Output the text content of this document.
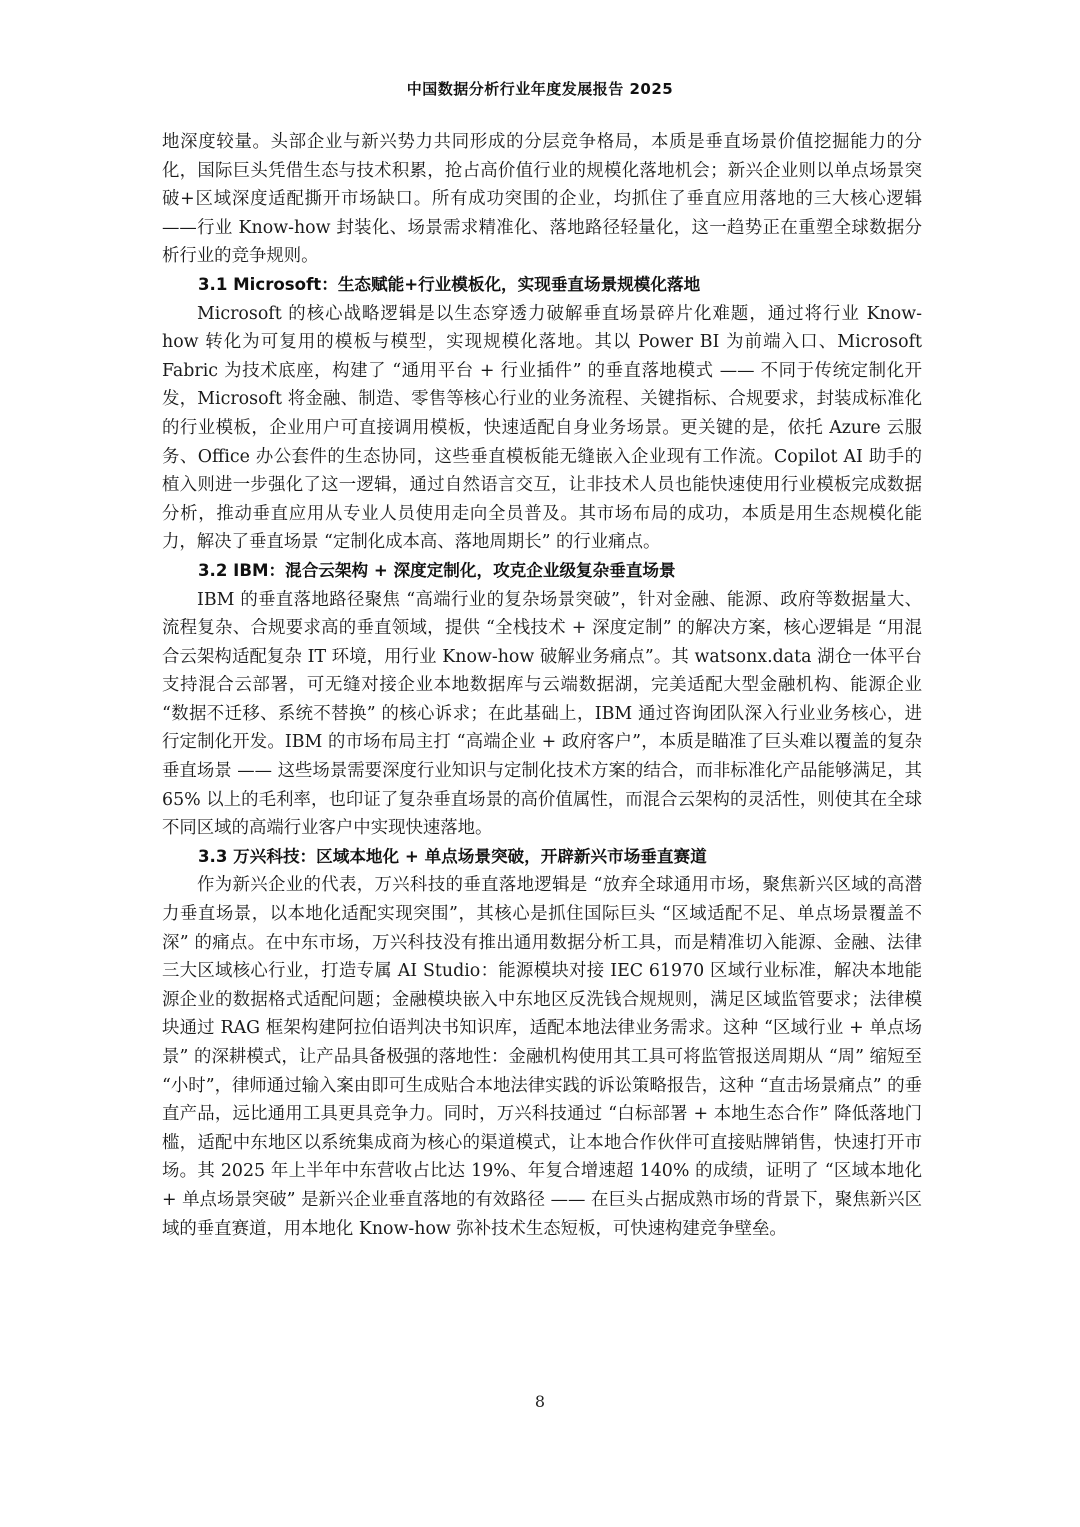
中国数据分析行业年度发展报告 2025

地深度较量。头部企业与新兴势力共同形成的分层竞争格局，本质是垂直场景价值挖掘能力的分化，国际巨头凭借生态与技术积累，抢占高价值行业的规模化落地机会；新兴企业则以单点场景突破+区域深度适配撕开市场缺口。所有成功突围的企业，均抓住了垂直应用落地的三大核心逻辑 ——行业 Know-how 封装化、场景需求精准化、落地路径轻量化，这一趋势正在重塑全球数据分析行业的竞争规则。

3.1 Microsoft：生态赋能+行业模板化，实现垂直场景规模化落地

Microsoft 的核心战略逻辑是以生态穿透力破解垂直场景碎片化难题，通过将行业 Know-how 转化为可复用的模板与模型，实现规模化落地。其以 Power BI 为前端入口、Microsoft Fabric 为技术底座，构建了 “通用平台 + 行业插件” 的垂直落地模式 —— 不同于传统定制化开发，Microsoft 将金融、制造、零售等核心行业的业务流程、关键指标、合规要求，封装成标准化的行业模板，企业用户可直接调用模板，快速适配自身业务场景。更关键的是，依托 Azure 云服务、Office 办公套件的生态协同，这些垂直模板能无缝嵌入企业现有工作流。Copilot AI 助手的植入则进一步强化了这一逻辑，通过自然语言交互，让非技术人员也能快速使用行业模板完成数据分析，推动垂直应用从专业人员使用走向全员普及。其市场布局的成功，本质是用生态规模化能力，解决了垂直场景 “定制化成本高、落地周期长” 的行业痛点。

3.2 IBM：混合云架构 + 深度定制化，攻克企业级复杂垂直场景

IBM 的垂直落地路径聚焦 “高端行业的复杂场景突破”，针对金融、能源、政府等数据量大、流程复杂、合规要求高的垂直领域，提供 “全栈技术 + 深度定制” 的解决方案，核心逻辑是 “用混合云架构适配复杂 IT 环境，用行业 Know-how 破解业务痛点”。其 watsonx.data 湖仓一体平台支持混合云部署，可无缝对接企业本地数据库与云端数据湖，完美适配大型金融机构、能源企业 “数据不迁移、系统不替换” 的核心诉求；在此基础上，IBM 通过咨询团队深入行业业务核心，进行定制化开发。IBM 的市场布局主打 “高端企业 + 政府客户”，本质是瞄准了巨头难以覆盖的复杂垂直场景 —— 这些场景需要深度行业知识与定制化技术方案的结合，而非标准化产品能够满足，其 65% 以上的毛利率，也印证了复杂垂直场景的高价值属性，而混合云架构的灵活性，则使其在全球不同区域的高端行业客户中实现快速落地。

3.3 万兴科技：区域本地化 + 单点场景突破，开辟新兴市场垂直赛道

作为新兴企业的代表，万兴科技的垂直落地逻辑是 “放弃全球通用市场，聚焦新兴区域的高潜力垂直场景，以本地化适配实现突围”，其核心是抓住国际巨头 “区域适配不足、单点场景覆盖不深” 的痛点。在中东市场，万兴科技没有推出通用数据分析工具，而是精准切入能源、金融、法律三大区域核心行业，打造专属 AI Studio：能源模块对接 IEC 61970 区域行业标准，解决本地能源企业的数据格式适配问题；金融模块嵌入中东地区反洗钱合规规则，满足区域监管要求；法律模块通过 RAG 框架构建阿拉伯语判决书知识库，适配本地法律业务需求。这种 “区域行业 + 单点场景” 的深耕模式，让产品具备极强的落地性：金融机构使用其工具可将监管报送周期从 “周” 缩短至 “小时”，律师通过输入案由即可生成贴合本地法律实践的诉讼策略报告，这种 “直击场景痛点” 的垂直产品，远比通用工具更具竞争力。同时，万兴科技通过 “白标部署 + 本地生态合作” 降低落地门槛，适配中东地区以系统集成商为核心的渠道模式，让本地合作伙伴可直接贴牌销售，快速打开市场。其 2025 年上半年中东营收占比达 19%、年复合增速超 140% 的成绩，证明了 “区域本地化 + 单点场景突破” 是新兴企业垂直落地的有效路径 —— 在巨头占据成熟市场的背景下，聚焦新兴区域的垂直赛道，用本地化 Know-how 弥补技术生态短板，可快速构建竞争壁垒。

8
